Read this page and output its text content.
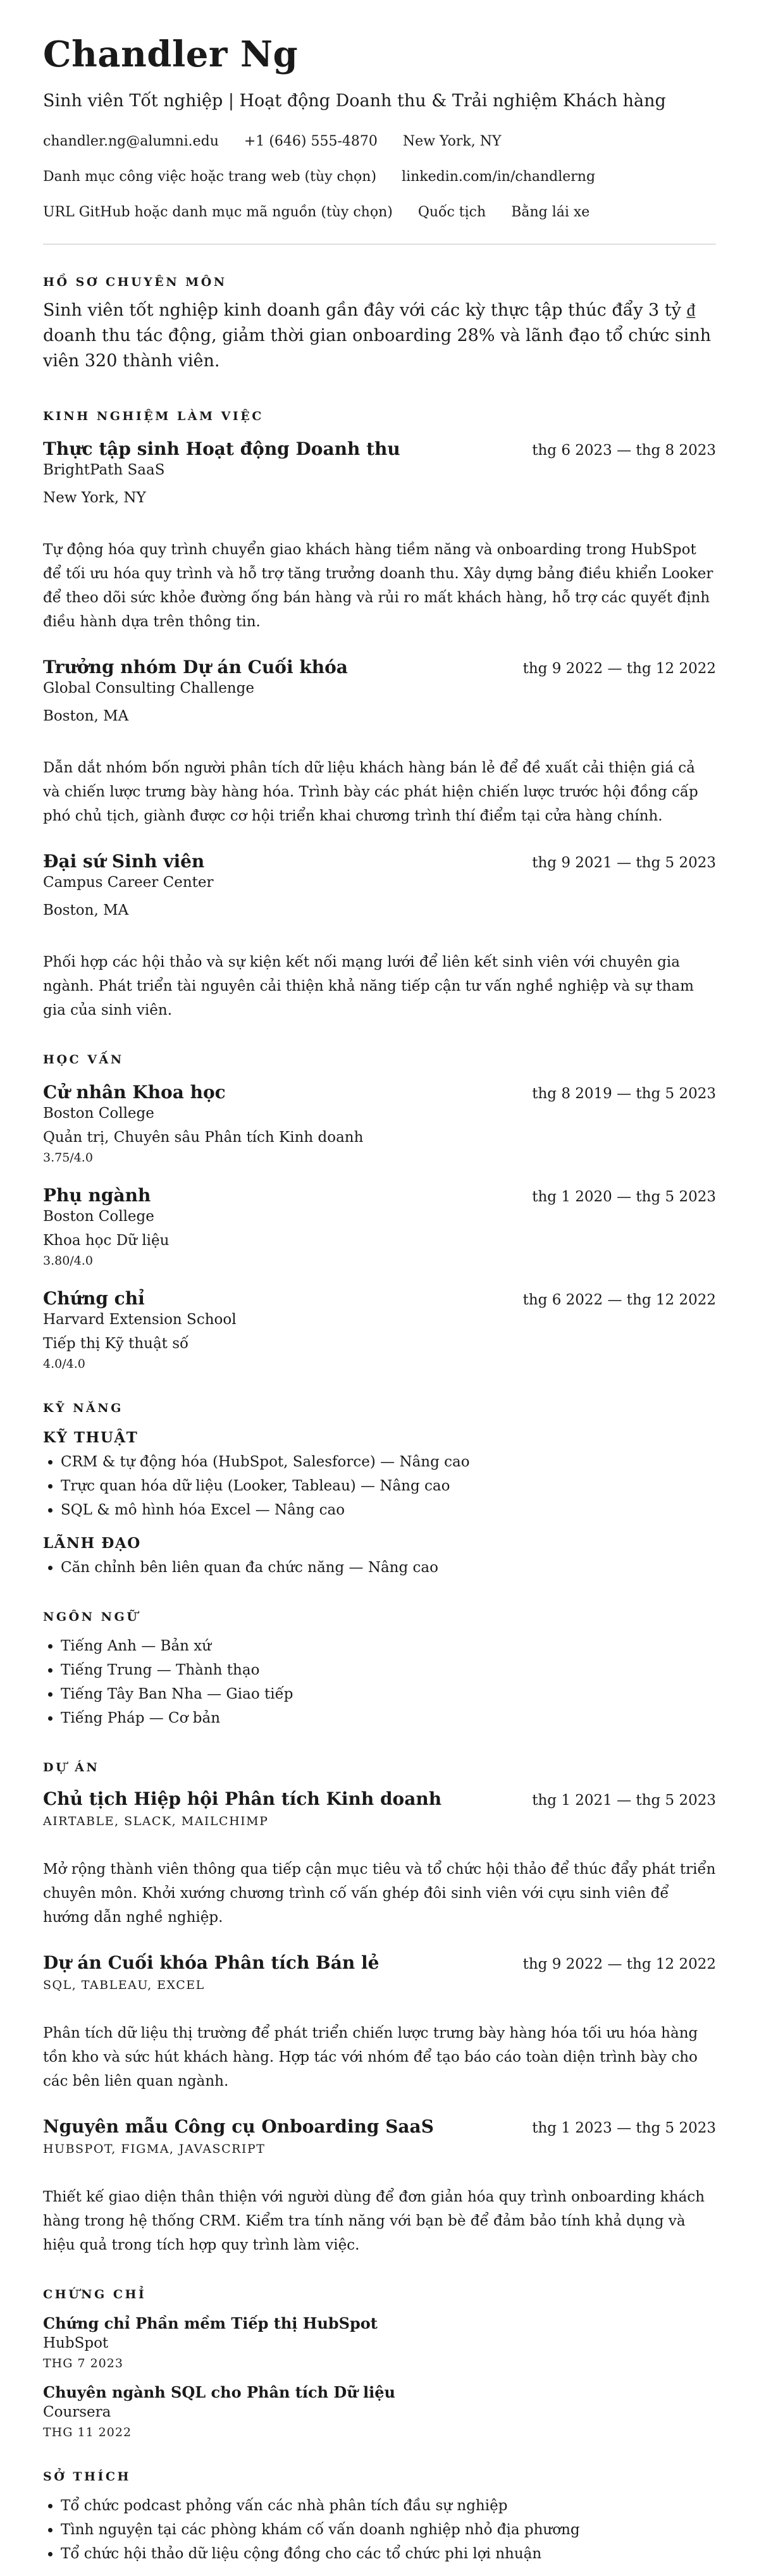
Chandler Ng
Sinh viên Tốt nghiệp | Hoạt động Doanh thu & Trải nghiệm Khách hàng
chandler.ng@alumni.edu +1 (646) 555-4870 New York, NY
Danh mục công việc hoặc trang web (tùy chọn) linkedin.com/in/chandlerng
URL GitHub hoặc danh mục mã nguồn (tùy chọn) Quốc tịch Bằng lái xe
HỒ SƠ CHUYÊN MÔN
Sinh viên tốt nghiệp kinh doanh gần đây với các kỳ thực tập thúc đẩy 3 tỷ ₫ doanh thu tác động, giảm thời gian onboarding 28% và lãnh đạo tổ chức sinh viên 320 thành viên.
KINH NGHIỆM LÀM VIỆC
Thực tập sinh Hoạt động Doanh thu	thg 6 2023 — thg 8 2023
BrightPath SaaS
New York, NY
Tự động hóa quy trình chuyển giao khách hàng tiềm năng và onboarding trong HubSpot để tối ưu hóa quy trình và hỗ trợ tăng trưởng doanh thu. Xây dựng bảng điều khiển Looker để theo dõi sức khỏe đường ống bán hàng và rủi ro mất khách hàng, hỗ trợ các quyết định điều hành dựa trên thông tin.
Trưởng nhóm Dự án Cuối khóa	thg 9 2022 — thg 12 2022
Global Consulting Challenge
Boston, MA
Dẫn dắt nhóm bốn người phân tích dữ liệu khách hàng bán lẻ để đề xuất cải thiện giá cả và chiến lược trưng bày hàng hóa. Trình bày các phát hiện chiến lược trước hội đồng cấp phó chủ tịch, giành được cơ hội triển khai chương trình thí điểm tại cửa hàng chính.
Đại sứ Sinh viên	thg 9 2021 — thg 5 2023
Campus Career Center
Boston, MA
Phối hợp các hội thảo và sự kiện kết nối mạng lưới để liên kết sinh viên với chuyên gia ngành. Phát triển tài nguyên cải thiện khả năng tiếp cận tư vấn nghề nghiệp và sự tham gia của sinh viên.
HỌC VẤN
Cử nhân Khoa học	thg 8 2019 — thg 5 2023
Boston College
Quản trị, Chuyên sâu Phân tích Kinh doanh
3.75/4.0
Phụ ngành	thg 1 2020 — thg 5 2023
Boston College
Khoa học Dữ liệu
3.80/4.0
Chứng chỉ	thg 6 2022 — thg 12 2022
Harvard Extension School
Tiếp thị Kỹ thuật số
4.0/4.0
KỸ NĂNG
KỸ THUẬT
• CRM & tự động hóa (HubSpot, Salesforce) — Nâng cao
• Trực quan hóa dữ liệu (Looker, Tableau) — Nâng cao
• SQL & mô hình hóa Excel — Nâng cao
LÃNH ĐẠO
• Căn chỉnh bên liên quan đa chức năng — Nâng cao
NGÔN NGỮ
• Tiếng Anh — Bản xứ
• Tiếng Trung — Thành thạo
• Tiếng Tây Ban Nha — Giao tiếp
• Tiếng Pháp — Cơ bản
DỰ ÁN
Chủ tịch Hiệp hội Phân tích Kinh doanh	thg 1 2021 — thg 5 2023
AIRTABLE, SLACK, MAILCHIMP
Mở rộng thành viên thông qua tiếp cận mục tiêu và tổ chức hội thảo để thúc đẩy phát triển chuyên môn. Khởi xướng chương trình cố vấn ghép đôi sinh viên với cựu sinh viên để hướng dẫn nghề nghiệp.
Dự án Cuối khóa Phân tích Bán lẻ	thg 9 2022 — thg 12 2022
SQL, TABLEAU, EXCEL
Phân tích dữ liệu thị trường để phát triển chiến lược trưng bày hàng hóa tối ưu hóa hàng tồn kho và sức hút khách hàng. Hợp tác với nhóm để tạo báo cáo toàn diện trình bày cho các bên liên quan ngành.
Nguyên mẫu Công cụ Onboarding SaaS	thg 1 2023 — thg 5 2023
HUBSPOT, FIGMA, JAVASCRIPT
Thiết kế giao diện thân thiện với người dùng để đơn giản hóa quy trình onboarding khách hàng trong hệ thống CRM. Kiểm tra tính năng với bạn bè để đảm bảo tính khả dụng và hiệu quả trong tích hợp quy trình làm việc.
CHỨNG CHỈ
Chứng chỉ Phần mềm Tiếp thị HubSpot
HubSpot
THG 7 2023
Chuyên ngành SQL cho Phân tích Dữ liệu
Coursera
THG 11 2022
SỞ THÍCH
• Tổ chức podcast phỏng vấn các nhà phân tích đầu sự nghiệp
• Tình nguyện tại các phòng khám cố vấn doanh nghiệp nhỏ địa phương
• Tổ chức hội thảo dữ liệu cộng đồng cho các tổ chức phi lợi nhuận
